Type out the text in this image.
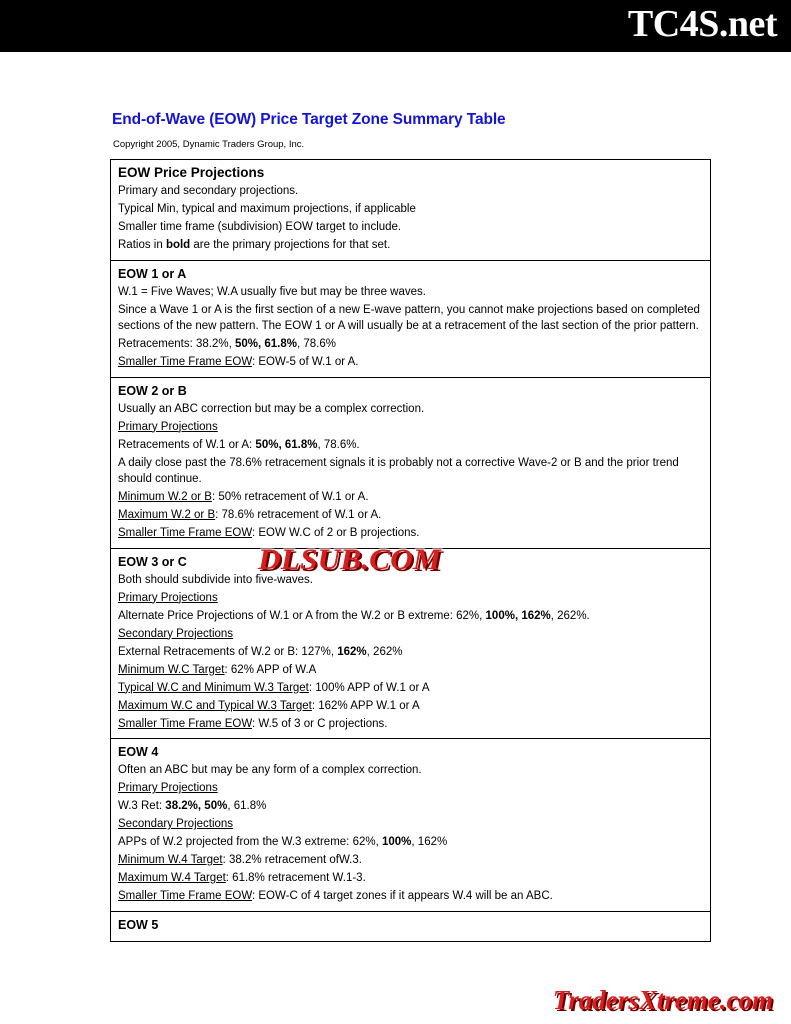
TC4S.net
End-of-Wave (EOW) Price Target Zone Summary Table
Copyright 2005, Dynamic Traders Group, Inc.

EOW Price Projections

Primary and secondary projections.

Typical Min, typical and maximum projections, if applicable

Smaller time frame (subdivision) EOW target to include.

Ratios in bold are the primary projections for that set.

EOW 1 or A

W.1 = Five Waves; W.A usually five but may be three waves.

Since a Wave 1 or A is the first section of a new E-wave pattern, you cannot make projections based on completed sections of the new pattern. The EOW 1 or A will usually be at a retracement of the last section of the prior pattern.

Retracements: 38.2%, 50%, 61.8%, 78.6%

Smaller Time Frame EOW: EOW-5 of W.1 or A.

EOW 2 or B

Usually an ABC correction but may be a complex correction.

Primary Projections

Retracements of W.1 or A: 50%, 61.8%, 78.6%.

A daily close past the 78.6% retracement signals it is probably not a corrective Wave-2 or B and the prior trend should continue.

Minimum W.2 or B: 50% retracement of W.1 or A.

Maximum W.2 or B: 78.6% retracement of W.1 or A.

Smaller Time Frame EOW: EOW W.C of 2 or B projections.

EOW 3 or C

Both should subdivide into five-waves.

Primary Projections

Alternate Price Projections of W.1 or A from the W.2 or B extreme: 62%, 100%, 162%, 262%.

Secondary Projections

External Retracements of W.2 or B: 127%, 162%, 262%

Minimum W.C Target: 62% APP of W.A

Typical W.C and Minimum W.3 Target: 100% APP of W.1 or A

Maximum W.C and Typical W.3 Target: 162% APP W.1 or A

Smaller Time Frame EOW: W.5 of 3 or C projections.

EOW 4

Often an ABC but may be any form of a complex correction.

Primary Projections

W.3 Ret: 38.2%, 50%, 61.8%

Secondary Projections

APPs of W.2 projected from the W.3 extreme: 62%, 100%, 162%

Minimum W.4 Target: 38.2% retracement ofW.3.

Maximum W.4 Target: 61.8% retracement W.1-3.

Smaller Time Frame EOW: EOW-C of 4 target zones if it appears W.4 will be an ABC.

EOW 5

DLSUB.COM
TradersXtreme.com
